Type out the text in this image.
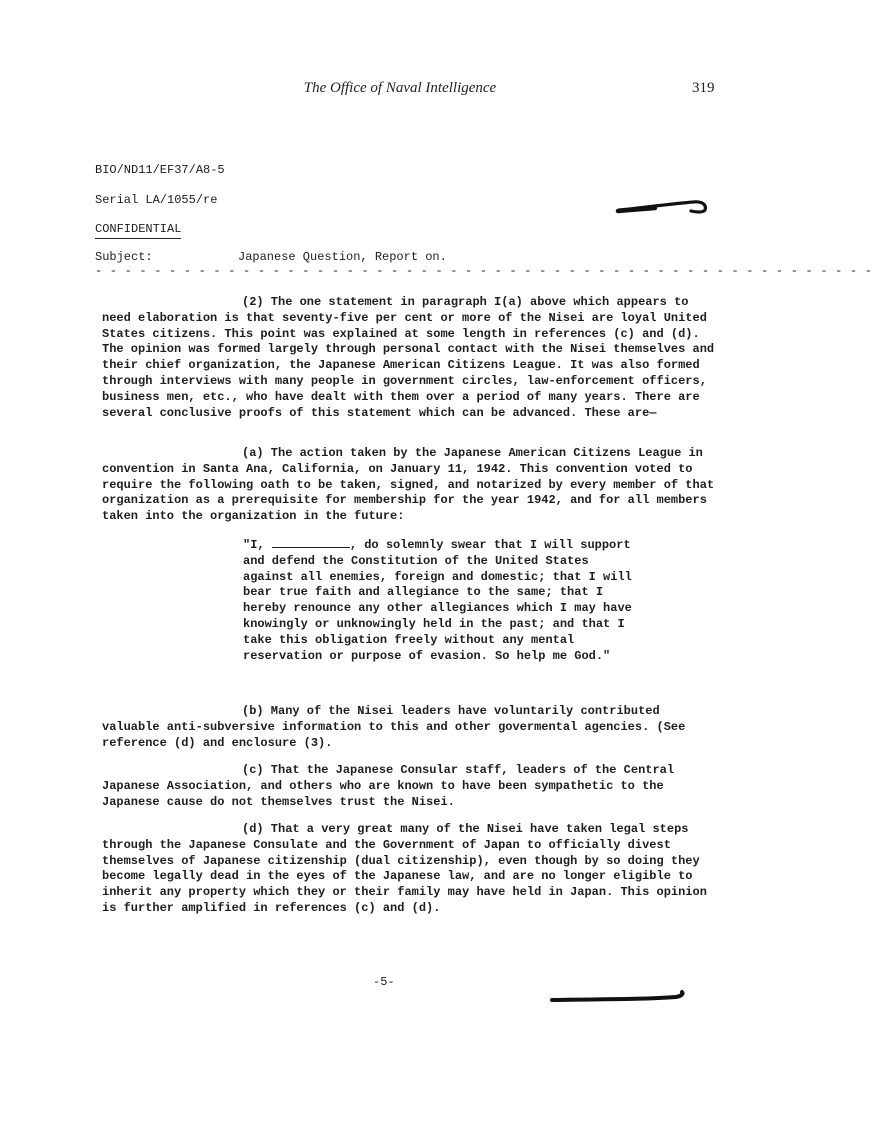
The Office of Naval Intelligence	319
BIO/ND11/EF37/A8-5
Serial LA/1055/re
CONFIDENTIAL
Subject:	Japanese Question, Report on.
- - - - - - - - - - - - - - - - - - - - - - - - - - - - - - - - - - - - - - - - - - - - - - - - - - - - -

(2) The one statement in paragraph I(a) above which appears to need elaboration is that seventy-five per cent or more of the Nisei are loyal United States citizens. This point was explained at some length in references (c) and (d). The opinion was formed largely through personal contact with the Nisei themselves and their chief organization, the Japanese American Citizens League. It was also formed through interviews with many people in government circles, law-enforcement officers, business men, etc., who have dealt with them over a period of many years. There are several conclusive proofs of this statement which can be advanced. These are—

(a) The action taken by the Japanese American Citizens League in convention in Santa Ana, California, on January 11, 1942. This convention voted to require the following oath to be taken, signed, and notarized by every member of that organization as a prerequisite for membership for the year 1942, and for all members taken into the organization in the future:

"I,	, do solemnly swear that I will support and defend the Constitution of the United States against all enemies, foreign and domestic; that I will bear true faith and allegiance to the same; that I hereby renounce any other allegiances which I may have knowingly or unknowingly held in the past; and that I take this obligation freely without any mental reservation or purpose of evasion. So help me God."

(b) Many of the Nisei leaders have voluntarily contributed valuable anti-subversive information to this and other govermental agencies. (See reference (d) and enclosure (3).

(c) That the Japanese Consular staff, leaders of the Central Japanese Association, and others who are known to have been sympathetic to the Japanese cause do not themselves trust the Nisei.

(d) That a very great many of the Nisei have taken legal steps through the Japanese Consulate and the Government of Japan to officially divest themselves of Japanese citizenship (dual citizenship), even though by so doing they become legally dead in the eyes of the Japanese law, and are no longer eligible to inherit any property which they or their family may have held in Japan. This opinion is further amplified in references (c) and (d).

-5-
